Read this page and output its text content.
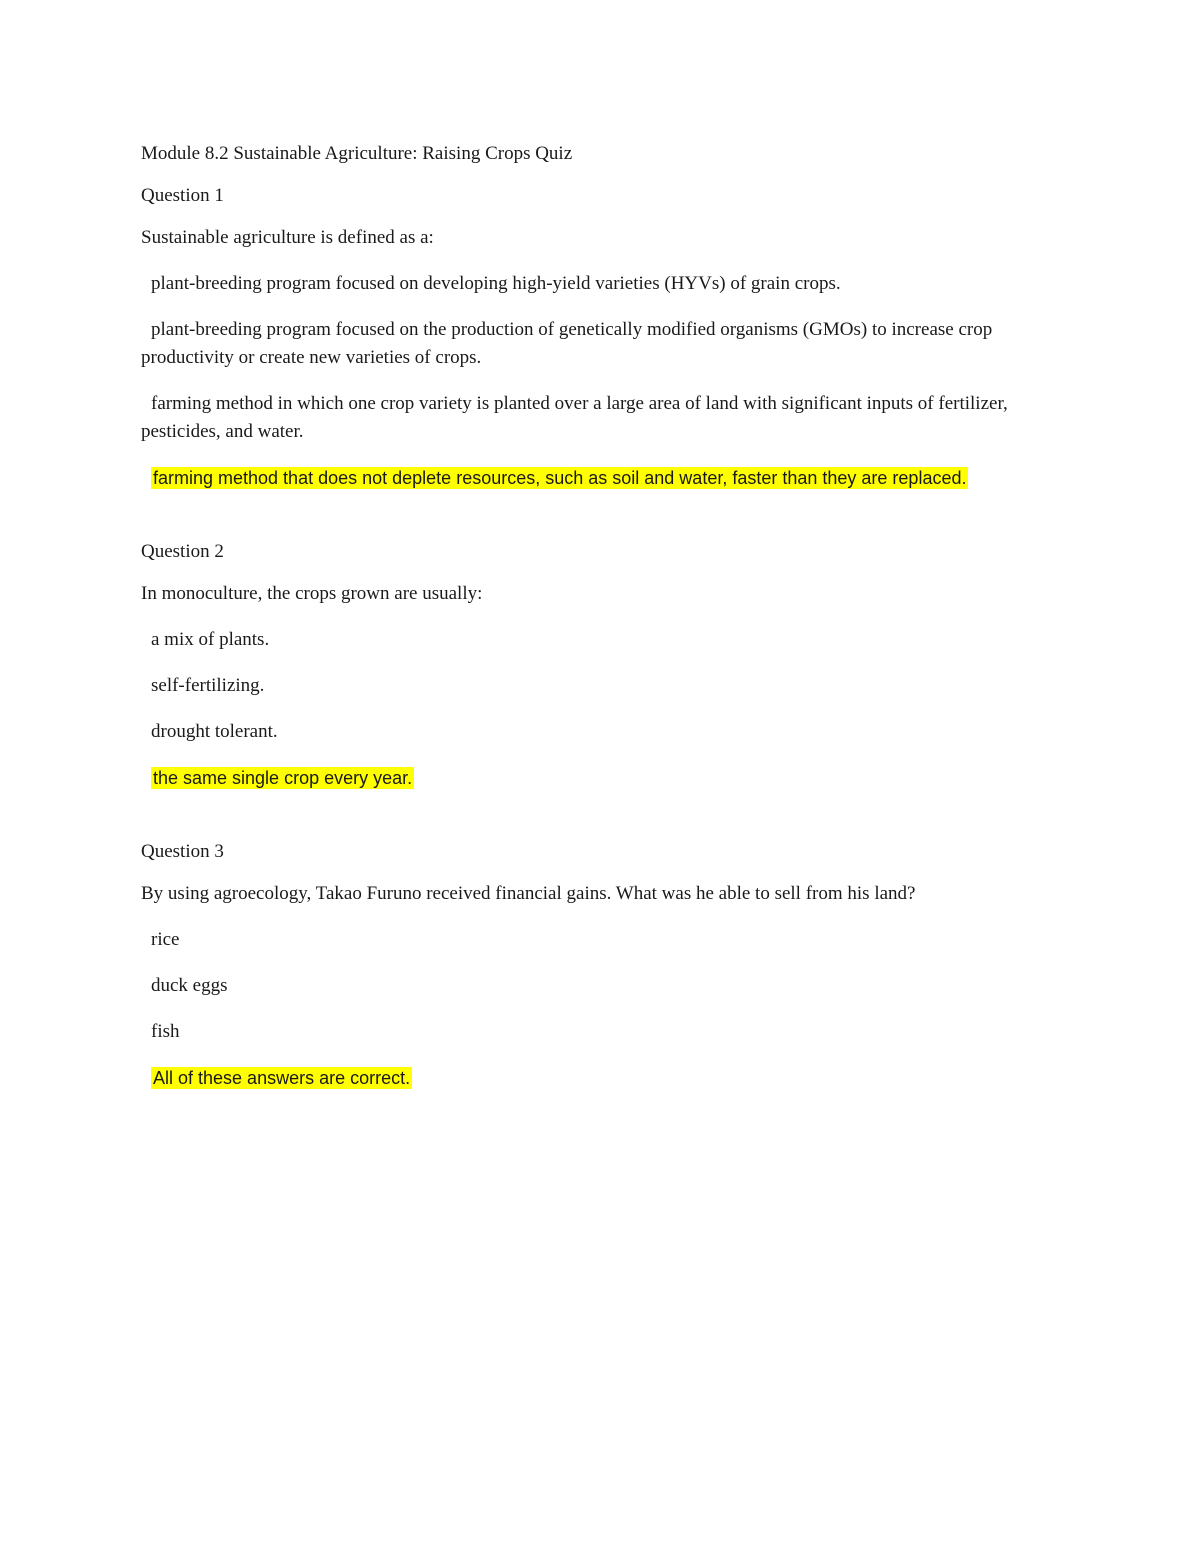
Module 8.2 Sustainable Agriculture: Raising Crops Quiz
Question 1
Sustainable agriculture is defined as a:
plant-breeding program focused on developing high-yield varieties (HYVs) of grain crops.
plant-breeding program focused on the production of genetically modified organisms (GMOs) to increase crop productivity or create new varieties of crops.
farming method in which one crop variety is planted over a large area of land with significant inputs of fertilizer, pesticides, and water.
farming method that does not deplete resources, such as soil and water, faster than they are replaced.
Question 2
In monoculture, the crops grown are usually:
a mix of plants.
self-fertilizing.
drought tolerant.
the same single crop every year.
Question 3
By using agroecology, Takao Furuno received financial gains. What was he able to sell from his land?
rice
duck eggs
fish
All of these answers are correct.
